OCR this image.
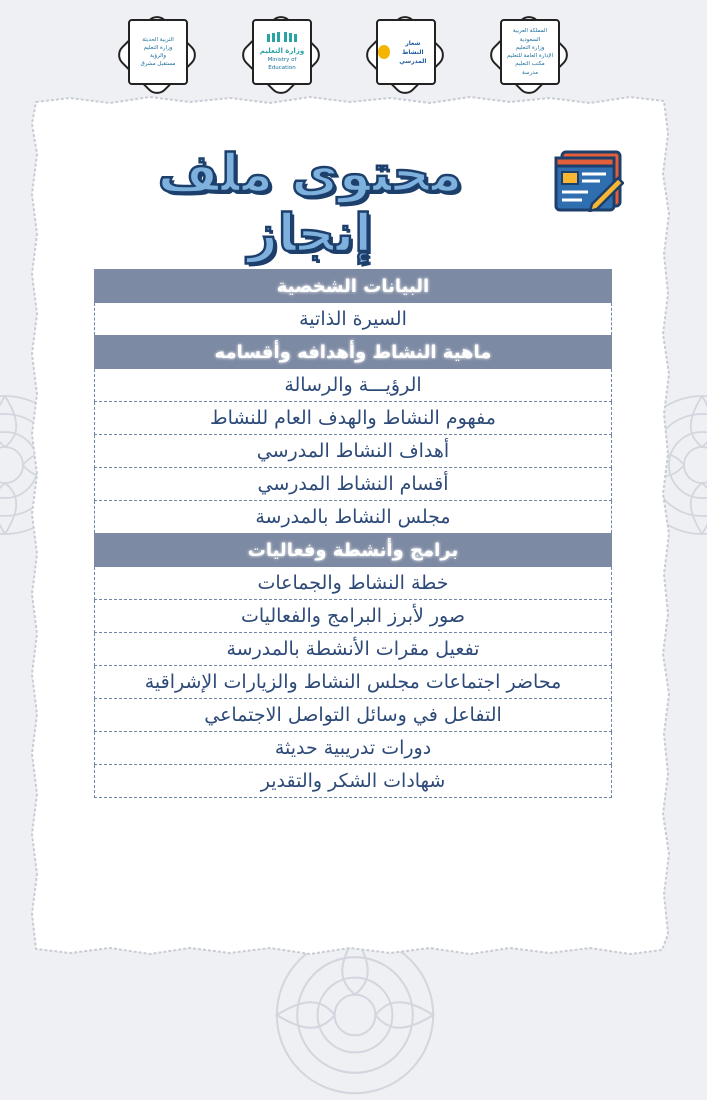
التربية الحديثة
وزارة التعليم
والرؤية
مستقبل مشرق
وزارة التعليم
Ministry of Education
شعار
النشاط المدرسي
المملكة العربية السعودية
وزارة التعليم
الإدارة العامة للتعليم
مكتب التعليم
مدرسة
محتوى ملف إنجاز
البيانات الشخصية
السيرة الذاتية
ماهية النشاط وأهدافه وأقسامه
الرؤيـــة والرسالة
مفهوم النشاط والهدف العام للنشاط
أهداف النشاط المدرسي
أقسام النشاط المدرسي
مجلس النشاط بالمدرسة
برامج وأنشطة وفعاليات
خطة النشاط والجماعات
صور لأبرز البرامج والفعاليات
تفعيل مقرات الأنشطة بالمدرسة
محاضر اجتماعات مجلس النشاط والزيارات الإشراقية
التفاعل في وسائل التواصل الاجتماعي
دورات تدريبية حديثة
شهادات الشكر والتقدير
